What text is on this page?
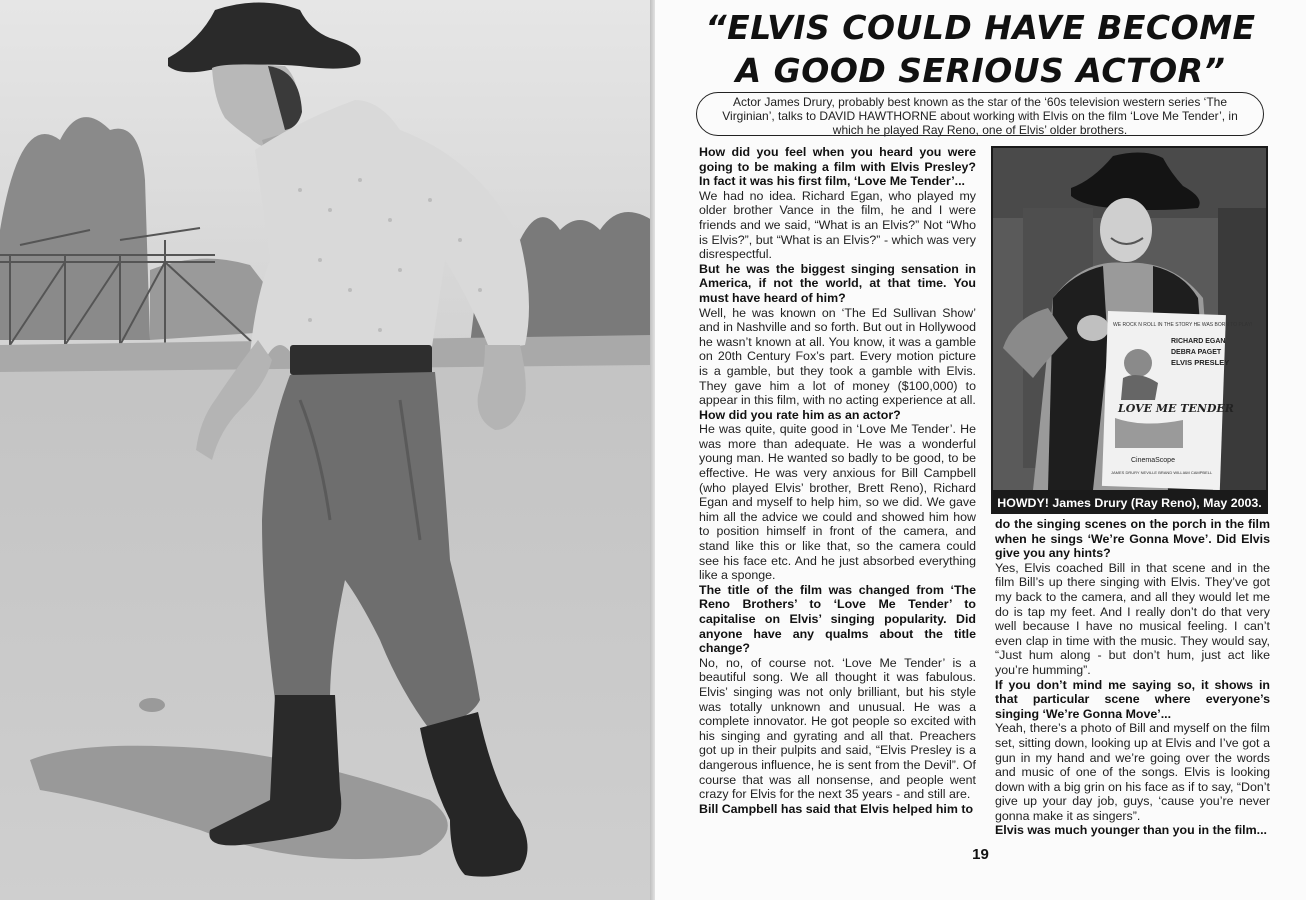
“ELVIS COULD HAVE BECOME
A GOOD SERIOUS ACTOR”
Actor James Drury, probably best known as the star of the ‘60s television western series ‘The Virginian’, talks to DAVID HAWTHORNE about working with Elvis on the film ‘Love Me Tender’, in which he played Ray Reno, one of Elvis’ older brothers.

How did you feel when you heard you were going to be making a film with Elvis Presley? In fact it was his first film, ‘Love Me Tender’...

We had no idea. Richard Egan, who played my older brother Vance in the film, he and I were friends and we said, “What is an Elvis?” Not “Who is Elvis?”, but “What is an Elvis?” - which was very disrespectful.

But he was the biggest singing sensation in America, if not the world, at that time. You must have heard of him?

Well, he was known on ‘The Ed Sullivan Show’ and in Nashville and so forth. But out in Hollywood he wasn’t known at all. You know, it was a gamble on 20th Century Fox’s part. Every motion picture is a gamble, but they took a gamble with Elvis. They gave him a lot of money ($100,000) to appear in this film, with no acting experience at all.

How did you rate him as an actor?

He was quite, quite good in ‘Love Me Tender’. He was more than adequate. He was a wonderful young man. He wanted so badly to be good, to be effective. He was very anxious for Bill Campbell (who played Elvis’ brother, Brett Reno), Richard Egan and myself to help him, so we did. We gave him all the advice we could and showed him how to position himself in front of the camera, and stand like this or like that, so the camera could see his face etc. And he just absorbed everything like a sponge.

The title of the film was changed from ‘The Reno Brothers’ to ‘Love Me Tender’ to capitalise on Elvis’ singing popularity. Did anyone have any qualms about the title change?

No, no, of course not. ‘Love Me Tender’ is a beautiful song. We all thought it was fabulous. Elvis’ singing was not only brilliant, but his style was totally unknown and unusual. He was a complete innovator. He got people so excited with his singing and gyrating and all that. Preachers got up in their pulpits and said, “Elvis Presley is a dangerous influence, he is sent from the Devil”. Of course that was all nonsense, and people went crazy for Elvis for the next 35 years - and still are.

Bill Campbell has said that Elvis helped him to

WE ROCK N ROLL IN THE STORY HE WAS BORN TO PLAY!
RICHARD EGAN
DEBRA PAGET
ELVIS PRESLEY
LOVE ME TENDER
CinemaScope
JAMES DRURY NEVILLE BRAND WILLIAM CAMPBELL
HOWDY! James Drury (Ray Reno), May 2003.

do the singing scenes on the porch in the film when he sings ‘We’re Gonna Move’. Did Elvis give you any hints?

Yes, Elvis coached Bill in that scene and in the film Bill’s up there singing with Elvis. They’ve got my back to the camera, and all they would let me do is tap my feet. And I really don’t do that very well because I have no musical feeling. I can’t even clap in time with the music. They would say, “Just hum along - but don’t hum, just act like you’re humming”.

If you don’t mind me saying so, it shows in that particular scene where everyone’s singing ‘We’re Gonna Move’...

Yeah, there’s a photo of Bill and myself on the film set, sitting down, looking up at Elvis and I’ve got a gun in my hand and we’re going over the words and music of one of the songs. Elvis is looking down with a big grin on his face as if to say, “Don’t give up your day job, guys, ‘cause you’re never gonna make it as singers”.

Elvis was much younger than you in the film...

19
